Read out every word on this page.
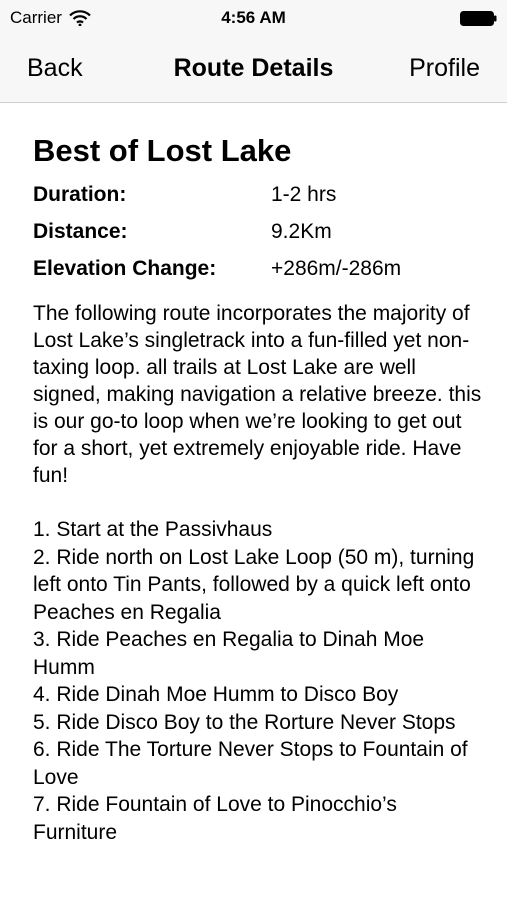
Carrier	4:56 AM
Back	Route Details	Profile
Best of Lost Lake
Duration:	1-2 hrs
Distance:	9.2Km
Elevation Change:	+286m/-286m
The following route incorporates the majority of Lost Lake’s singletrack into a fun-filled yet non-taxing loop. all trails at Lost Lake are well signed, making navigation a relative breeze. this is our go-to loop when we’re looking to get out for a short, yet extremely enjoyable ride. Have fun!
1. Start at the Passivhaus
2. Ride north on Lost Lake Loop (50 m), turning left onto Tin Pants, followed by a quick left onto Peaches en Regalia
3. Ride Peaches en Regalia to Dinah Moe Humm
4. Ride Dinah Moe Humm to Disco Boy
5. Ride Disco Boy to the Rorture Never Stops
6. Ride The Torture Never Stops to Fountain of Love
7. Ride Fountain of Love to Pinocchio’s Furniture
